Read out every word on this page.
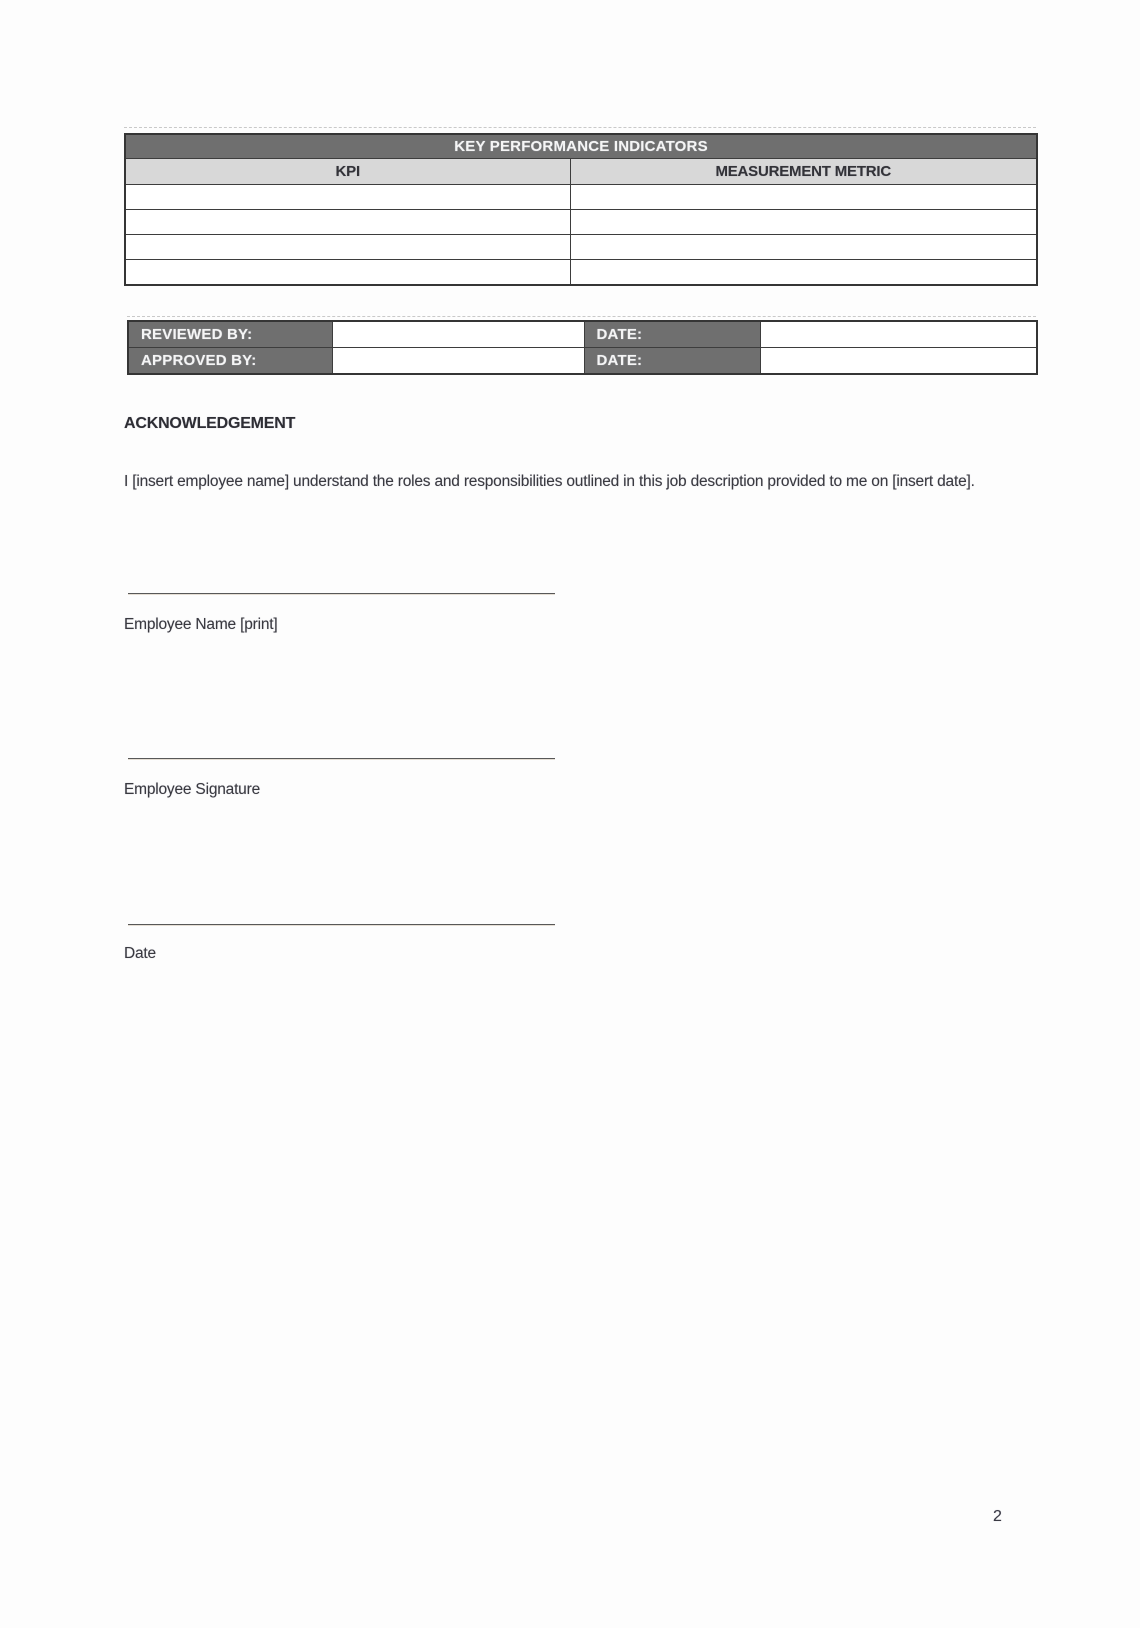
KEY PERFORMANCE INDICATORS	
KPI	MEASUREMENT METRIC

REVIEWED BY:		DATE:	
APPROVED BY:		DATE:	
ACKNOWLEDGEMENT
I [insert employee name] understand the roles and responsibilities outlined in this job description provided to me on [insert date].
Employee Name [print]
Employee Signature
Date
2
